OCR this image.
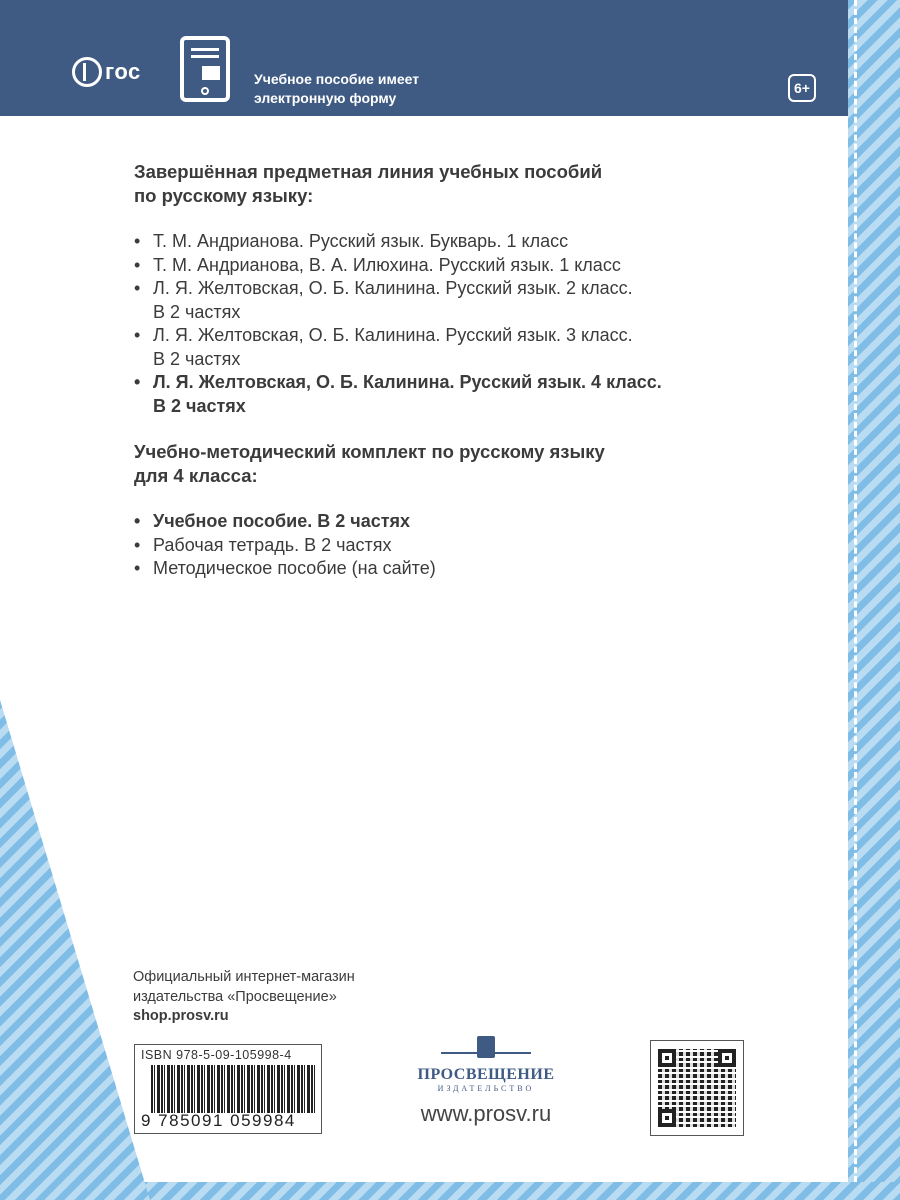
гос	Учебное пособие имеет
электронную форму
6+
Завершённая предметная линия учебных пособий
по русскому языку:
• Т. М. Андрианова. Русский язык. Букварь. 1 класс
• Т. М. Андрианова, В. А. Илюхина. Русский язык. 1 класс
• Л. Я. Желтовская, О. Б. Калинина. Русский язык. 2 класс.
В 2 частях
• Л. Я. Желтовская, О. Б. Калинина. Русский язык. 3 класс.
В 2 частях
• Л. Я. Желтовская, О. Б. Калинина. Русский язык. 4 класс.
В 2 частях
Учебно-методический комплект по русскому языку
для 4 класса:
• Учебное пособие. В 2 частях
• Рабочая тетрадь. В 2 частях
• Методическое пособие (на сайте)
Официальный интернет-магазин
издательства «Просвещение»
shop.prosv.ru
ISBN 978-5-09-105998-4
9 785091 059984
ПРОСВЕЩЕНИЕ
ИЗДАТЕЛЬСТВО
www.prosv.ru
